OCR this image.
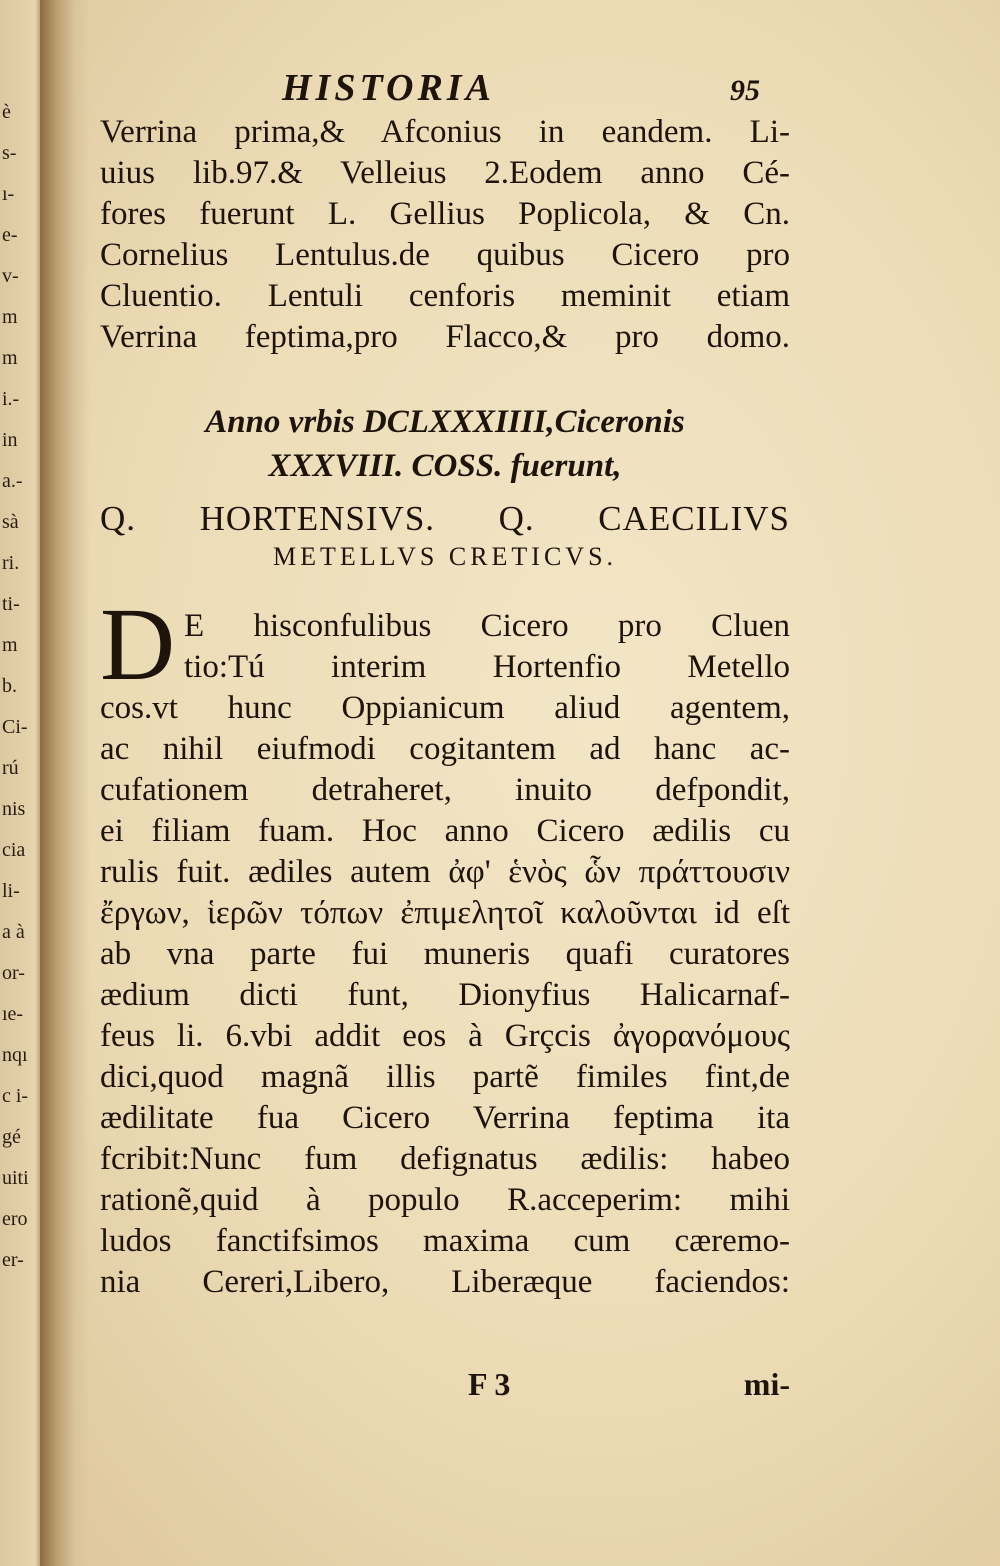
è
s-
ı-
e-
v-
m
m
i.-
in
a.-
sà
ri.
ti-
m
b.
Ci-
rú
nis
cia
li-
a à
or-
ıe-
nqı
c i-
gé
uiti
ero
er-
HISTORIA	95
Verrina prima,& Afconius in eandem. Li-
uius lib.97.& Velleius 2.Eodem anno Cé-
fores fuerunt L. Gellius Poplicola, & Cn.
Cornelius Lentulus.de quibus Cicero pro
Cluentio. Lentuli cenforis meminit etiam
Verrina feptima,pro Flacco,& pro domo.
Anno vrbis DCLXXXIIII,Ciceronis
XXXVIII. COSS. fuerunt,
Q. HORTENSIVS. Q. CAECILIVS
METELLVS CRETICVS.
D E hisconfulibus Cicero pro Cluen
tio:Tú interim Hortenfio Metello
cos.vt hunc Oppianicum aliud agentem,
ac nihil eiufmodi cogitantem ad hanc ac-
cufationem detraheret, inuito defpondit,
ei filiam fuam. Hoc anno Cicero ædilis cu
rulis fuit. ædiles autem ἀφ' ἑνὸς ὧν πράττουσιν
ἔργων, ἱερῶν τόπων ἐπιμελητοῖ καλοῦνται id eſt
ab vna parte fui muneris quafi curatores
ædium dicti funt, Dionyfius Halicarnaf-
feus li. 6.vbi addit eos à Grçcis ἀγορανόμους
dici,quod magnã illis partẽ fimiles fint,de
ædilitate fua Cicero Verrina feptima ita
fcribit:Nunc fum defignatus ædilis: habeo
rationẽ,quid à populo R.acceperim: mihi
ludos fanctifsimos maxima cum cæremo-
nia Cereri,Libero, Liberæque faciendos:
F 3	mi-
